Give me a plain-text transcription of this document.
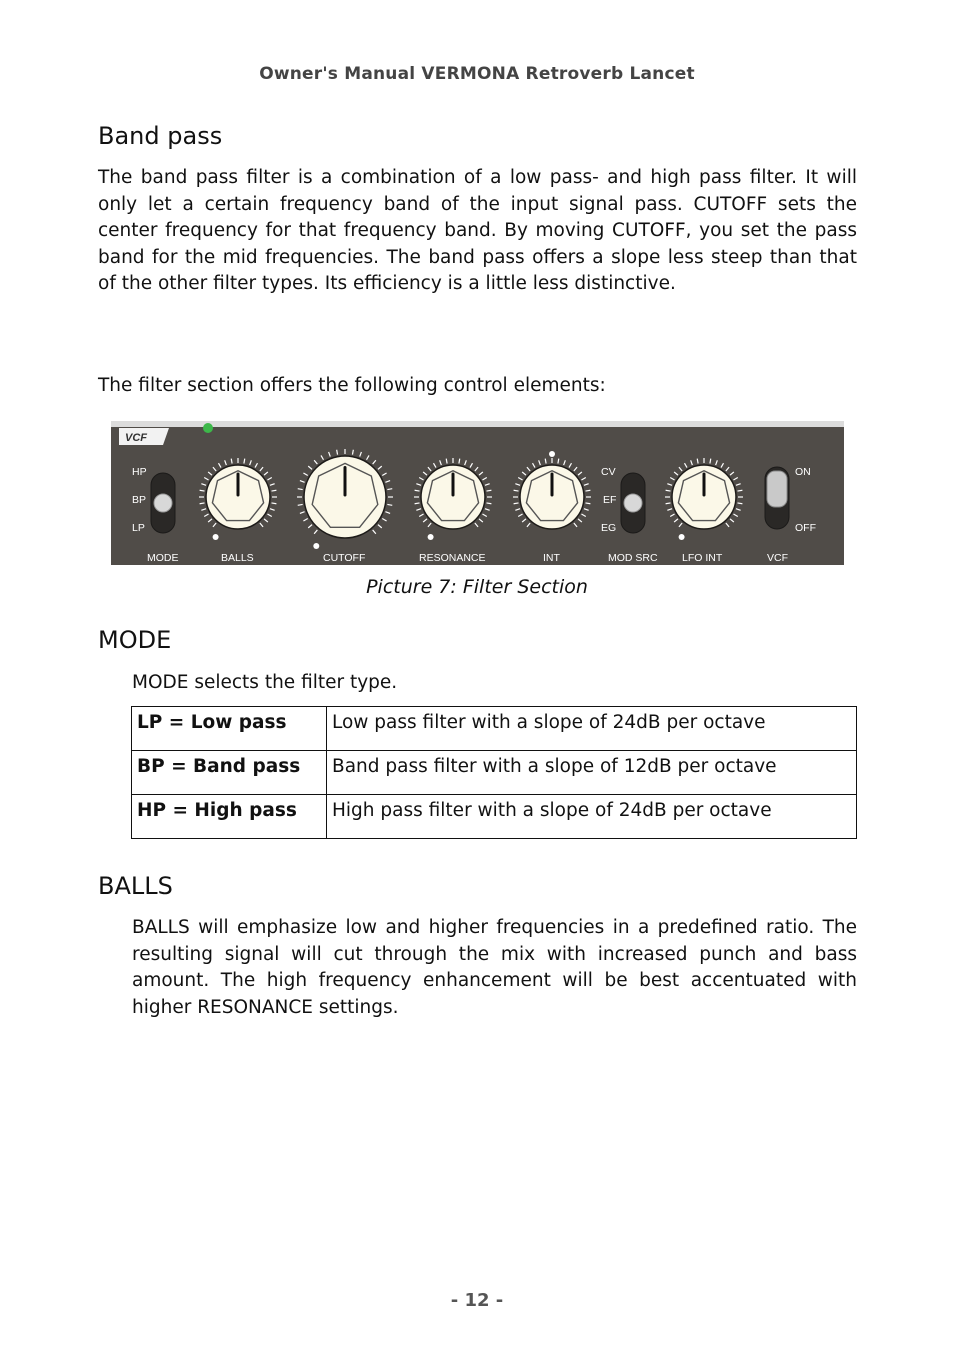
Owner's Manual VERMONA Retroverb Lancet
Band pass

The band pass filter is a combination of a low pass- and high pass filter. It will only let a certain frequency band of the input signal pass. CUTOFF sets the center frequency for that frequency band. By moving CUTOFF, you set the pass band for the mid frequencies. The band pass offers a slope less steep than that of the other filter types. Its efficiency is a little less distinctive.

The filter section offers the following control elements:

VCF
HP
BP
LP
MODE	BALLS	CUTOFF	RESONANCE	INT	LFO INT
CV
EF
EG
MOD SRC
ON
OFF
VCF
Picture 7: Filter Section
MODE

MODE selects the filter type.

LP = Low pass	Low pass filter with a slope of 24dB per octave
BP = Band pass	Band pass filter with a slope of 12dB per octave
HP = High pass	High pass filter with a slope of 24dB per octave
BALLS

BALLS will emphasize low and higher frequencies in a predefined ratio. The resulting signal will cut through the mix with increased punch and bass amount. The high frequency enhancement will be best accentuated with higher RESONANCE settings.

- 12 -
